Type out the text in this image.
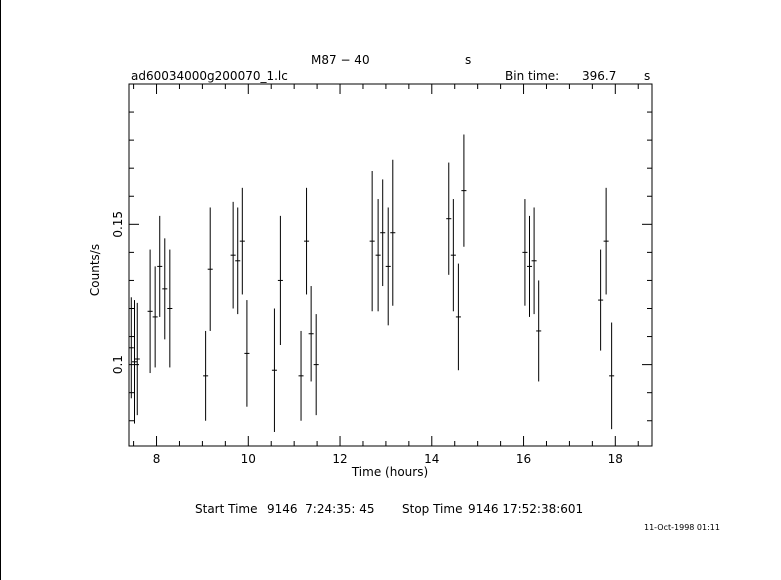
M87 − 40	s
ad60034000g200070_1.lc	Bin time: 396.7 s
8	10	12	14	16	18
0.1
0.15
Time (hours)
Counts/s
Start Time 9146  7:24:35: 45 Stop Time 9146 17:52:38:601
11-Oct-1998 01:11
